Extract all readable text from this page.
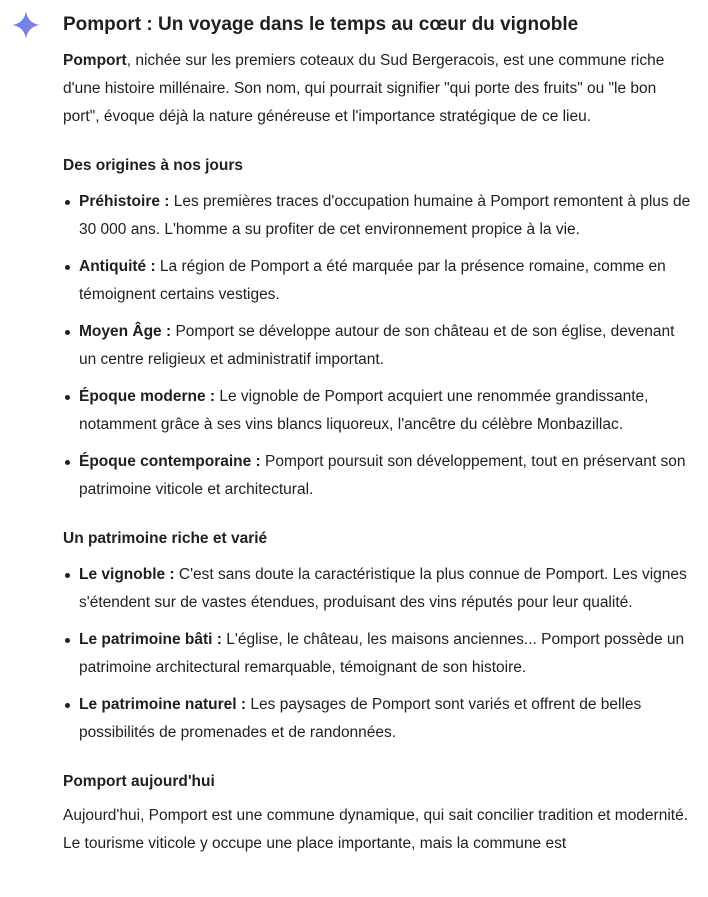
Pomport : Un voyage dans le temps au cœur du vignoble

Pomport, nichée sur les premiers coteaux du Sud Bergeracois, est une commune riche d'une histoire millénaire. Son nom, qui pourrait signifier "qui porte des fruits" ou "le bon port", évoque déjà la nature généreuse et l'importance stratégique de ce lieu.

Des origines à nos jours
Préhistoire : Les premières traces d'occupation humaine à Pomport remontent à plus de 30 000 ans. L'homme a su profiter de cet environnement propice à la vie.
Antiquité : La région de Pomport a été marquée par la présence romaine, comme en témoignent certains vestiges.
Moyen Âge : Pomport se développe autour de son château et de son église, devenant un centre religieux et administratif important.
Époque moderne : Le vignoble de Pomport acquiert une renommée grandissante, notamment grâce à ses vins blancs liquoreux, l'ancêtre du célèbre Monbazillac.
Époque contemporaine : Pomport poursuit son développement, tout en préservant son patrimoine viticole et architectural.
Un patrimoine riche et varié
Le vignoble : C'est sans doute la caractéristique la plus connue de Pomport. Les vignes s'étendent sur de vastes étendues, produisant des vins réputés pour leur qualité.
Le patrimoine bâti : L'église, le château, les maisons anciennes... Pomport possède un patrimoine architectural remarquable, témoignant de son histoire.
Le patrimoine naturel : Les paysages de Pomport sont variés et offrent de belles possibilités de promenades et de randonnées.
Pomport aujourd'hui

Aujourd'hui, Pomport est une commune dynamique, qui sait concilier tradition et modernité. Le tourisme viticole y occupe une place importante, mais la commune est
